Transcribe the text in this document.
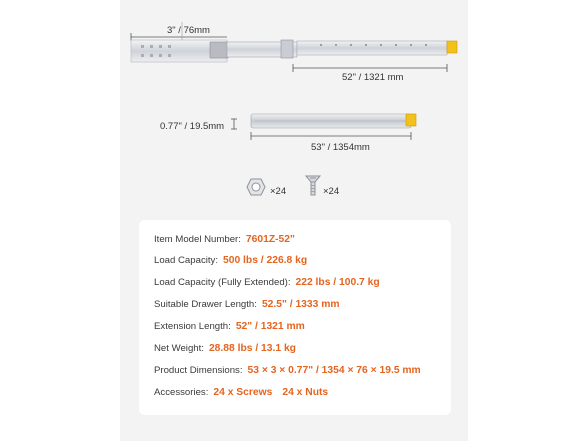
3" / 76mm
52" / 1321 mm
0.77" / 19.5mm
53" / 1354mm
×24	×24
Item Model Number: 7601Z-52"
Load Capacity: 500 lbs / 226.8 kg
Load Capacity (Fully Extended): 222 lbs / 100.7 kg
Suitable Drawer Length: 52.5" / 1333 mm
Extension Length: 52" / 1321 mm
Net Weight: 28.88 lbs / 13.1 kg
Product Dimensions: 53 × 3 × 0.77" / 1354 × 76 × 19.5 mm
Accessories: 24 x Screws 24 x Nuts
